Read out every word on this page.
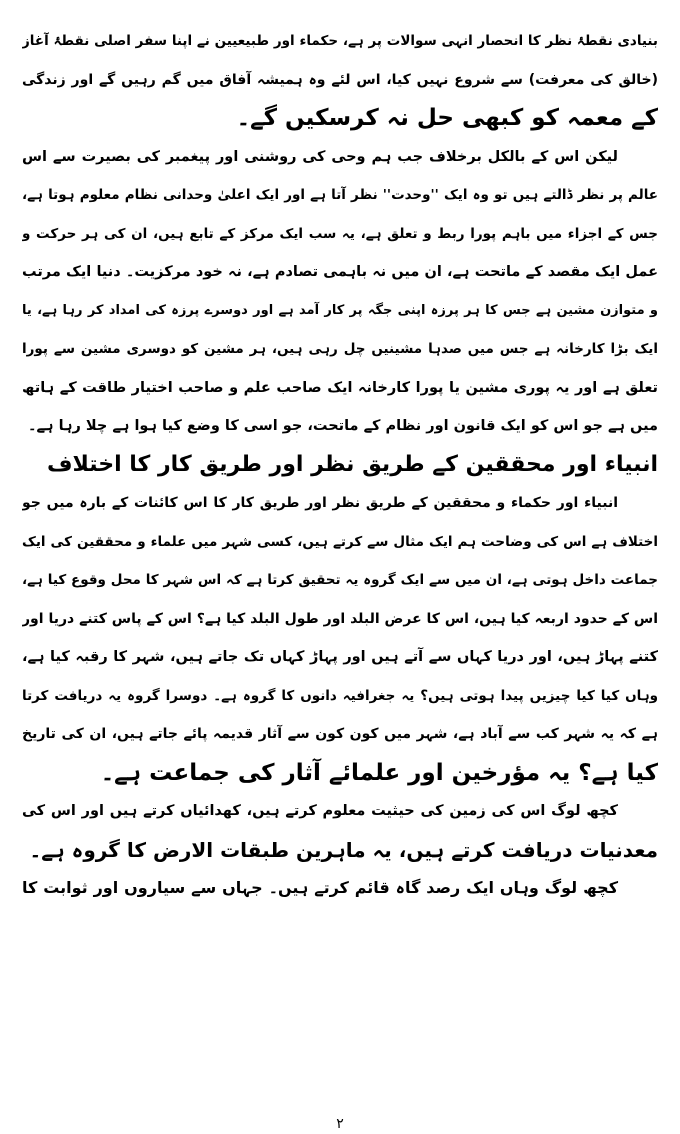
بنیادی نقطۂ نظر کا انحصار انہی سوالات پر ہے، حکماء اور طبیعیین نے اپنا سفر اصلی نقطۂ آغاز
(خالق کی معرفت) سے شروع نہیں کیا، اس لئے وہ ہمیشہ آفاق میں گم رہیں گے اور زندگی
کے معمہ کو کبھی حل نہ کرسکیں گے۔
لیکن اس کے بالکل برخلاف جب ہم وحی کی روشنی اور پیغمبر کی بصیرت سے اس
عالم پر نظر ڈالتے ہیں تو وہ ایک ''وحدت'' نظر آتا ہے اور ایک اعلیٰ وحدانی نظام معلوم ہوتا ہے،
جس کے اجزاء میں باہم پورا ربط و تعلق ہے، یہ سب ایک مرکز کے تابع ہیں، ان کی ہر حرکت و
عمل ایک مقصد کے ماتحت ہے، ان میں نہ باہمی تصادم ہے، نہ خود مرکزیت۔ دنیا ایک مرتب
و متوازن مشین ہے جس کا ہر پرزہ اپنی جگہ پر کار آمد ہے اور دوسرے پرزہ کی امداد کر رہا ہے، یا
ایک بڑا کارخانہ ہے جس میں صدہا مشینیں چل رہی ہیں، ہر مشین کو دوسری مشین سے پورا
تعلق ہے اور یہ پوری مشین یا پورا کارخانہ ایک صاحب علم و صاحب اختیار طاقت کے ہاتھ
میں ہے جو اس کو ایک قانون اور نظام کے ماتحت، جو اسی کا وضع کیا ہوا ہے چلا رہا ہے۔
انبیاء اور محققین کے طریق نظر اور طریق کار کا اختلاف
انبیاء اور حکماء و محققین کے طریق نظر اور طریق کار کا اس کائنات کے بارہ میں جو
اختلاف ہے اس کی وضاحت ہم ایک مثال سے کرتے ہیں، کسی شہر میں علماء و محققین کی ایک
جماعت داخل ہوتی ہے، ان میں سے ایک گروہ یہ تحقیق کرتا ہے کہ اس شہر کا محل وقوع کیا ہے،
اس کے حدود اربعہ کیا ہیں، اس کا عرض البلد اور طول البلد کیا ہے؟ اس کے پاس کتنے دریا اور
کتنے پہاڑ ہیں، اور دریا کہاں سے آتے ہیں اور پہاڑ کہاں تک جاتے ہیں، شہر کا رقبہ کیا ہے،
وہاں کیا کیا چیزیں پیدا ہوتی ہیں؟ یہ جغرافیہ دانوں کا گروہ ہے۔ دوسرا گروہ یہ دریافت کرتا
ہے کہ یہ شہر کب سے آباد ہے، شہر میں کون کون سے آثار قدیمہ پائے جاتے ہیں، ان کی تاریخ
کیا ہے؟ یہ مؤرخین اور علمائے آثار کی جماعت ہے۔
کچھ لوگ اس کی زمین کی حیثیت معلوم کرتے ہیں، کھدائیاں کرتے ہیں اور اس کی
معدنیات دریافت کرتے ہیں، یہ ماہرین طبقات الارض کا گروہ ہے۔
کچھ لوگ وہاں ایک رصد گاہ قائم کرتے ہیں۔ جہاں سے سیاروں اور ثوابت کا
۲
